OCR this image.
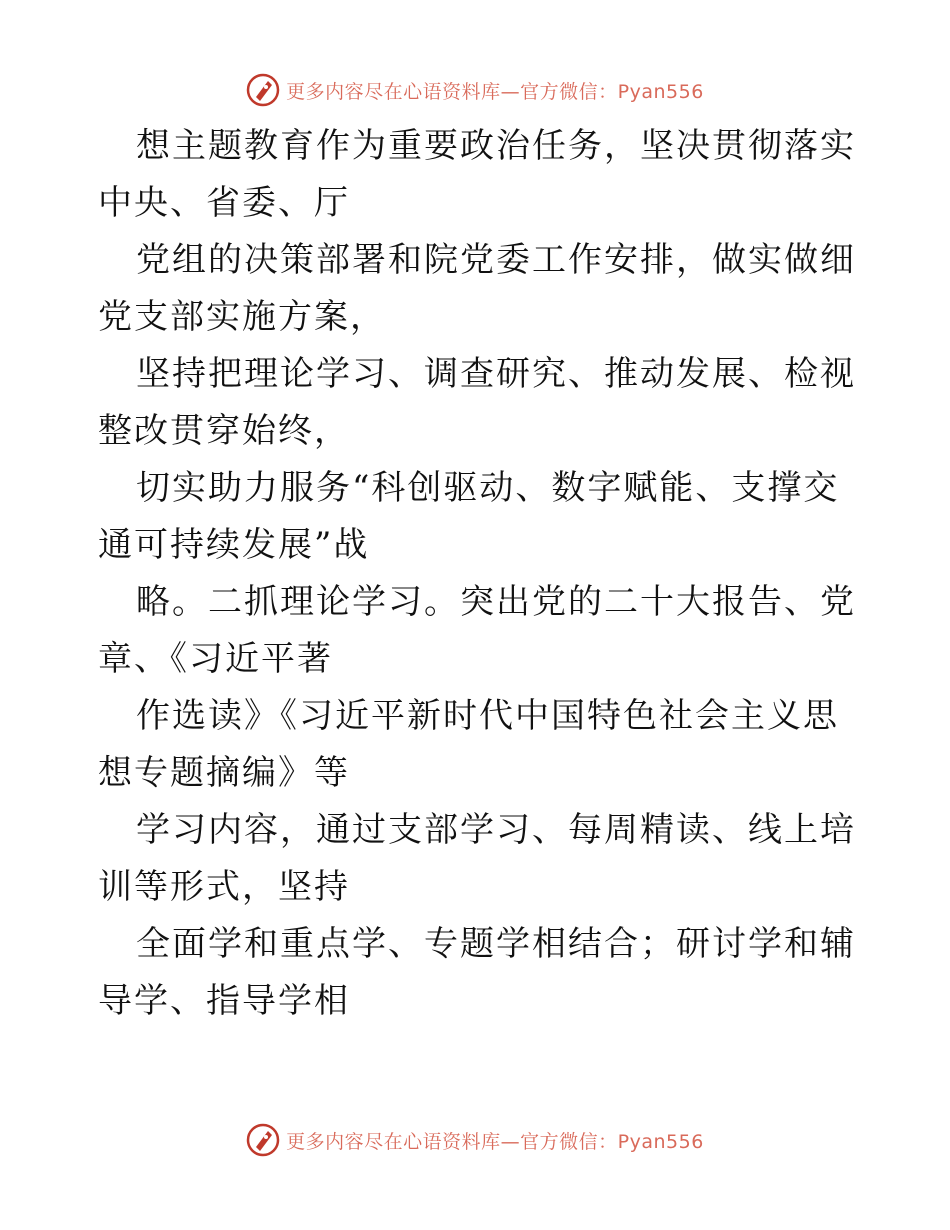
更多内容尽在心语资料库—官方微信：Pyan556

想主题教育作为重要政治任务，坚决贯彻落实中央、省委、厅

党组的决策部署和院党委工作安排，做实做细党支部实施方案，

坚持把理论学习、调查研究、推动发展、检视整改贯穿始终，

切实助力服务“科创驱动、数字赋能、支撑交通可持续发展”战

略。二抓理论学习。突出党的二十大报告、党章、《习近平著

作选读》《习近平新时代中国特色社会主义思想专题摘编》等

学习内容，通过支部学习、每周精读、线上培训等形式，坚持

全面学和重点学、专题学相结合；研讨学和辅导学、指导学相

更多内容尽在心语资料库—官方微信：Pyan556
